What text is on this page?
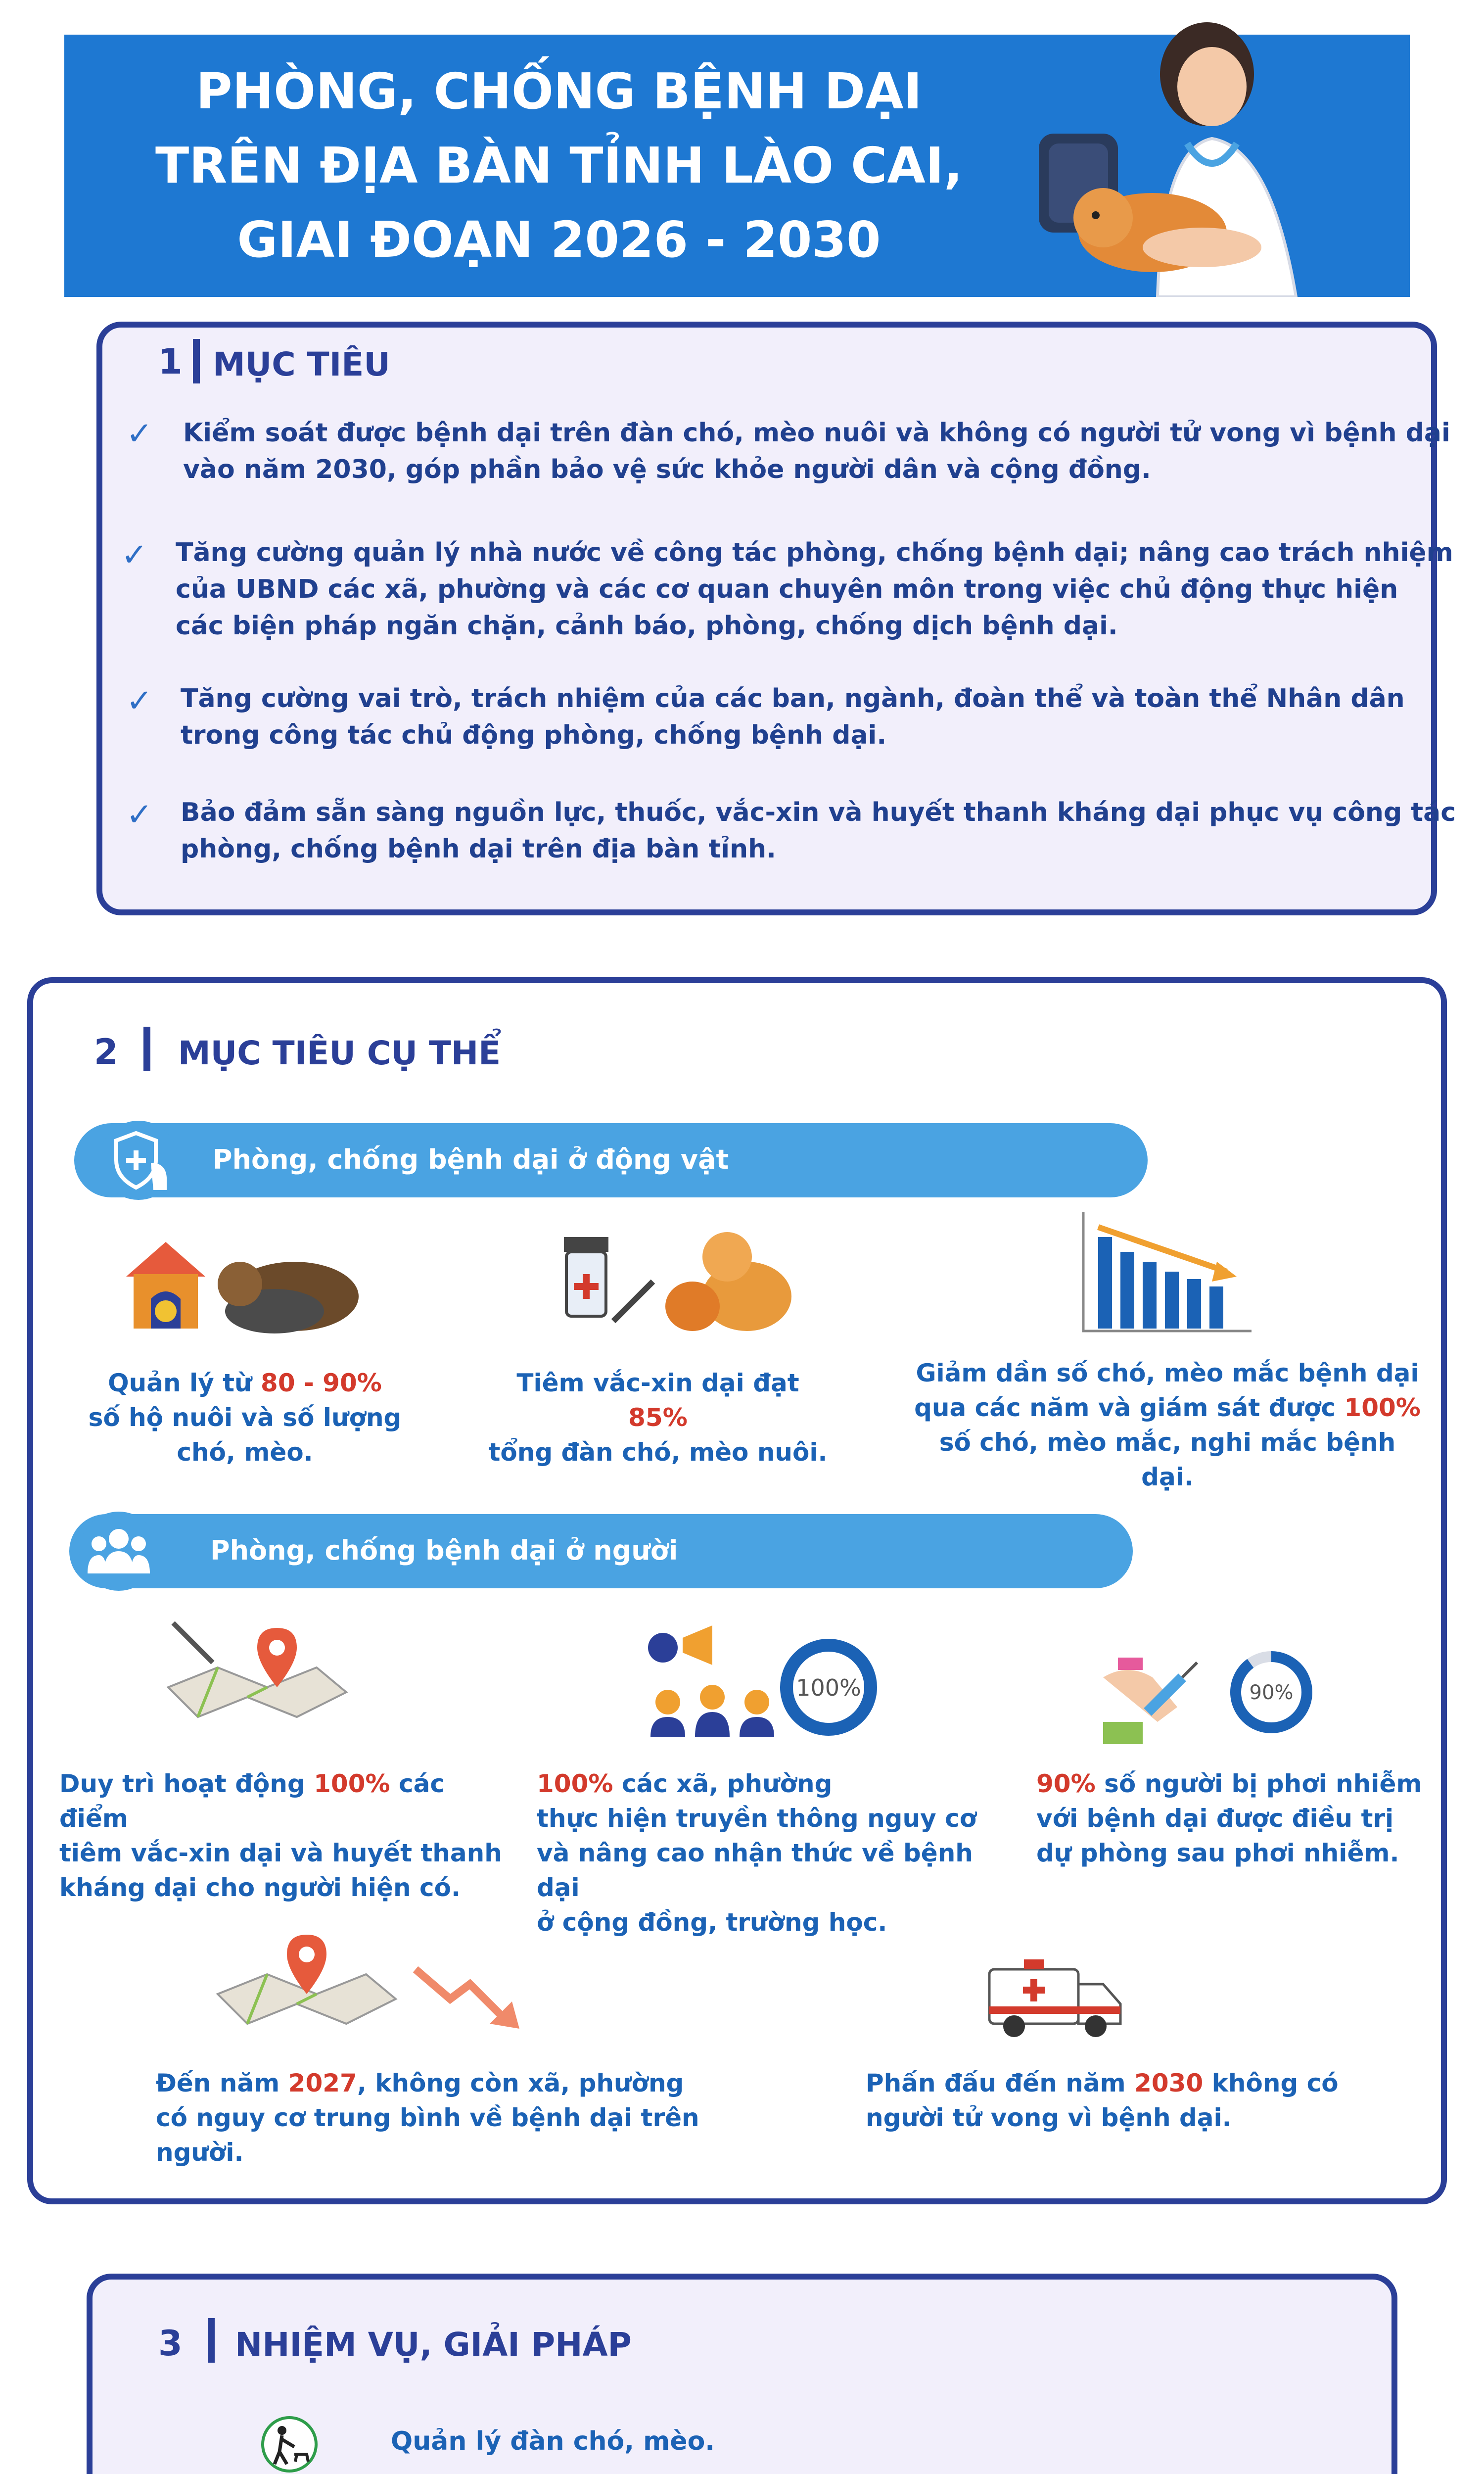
PHÒNG, CHỐNG BỆNH DẠI
TRÊN ĐỊA BÀN TỈNH LÀO CAI,
GIAI ĐOẠN 2026 - 2030
1 MỤC TIÊU
✓ Kiểm soát được bệnh dại trên đàn chó, mèo nuôi và không có người tử vong vì bệnh dại
vào năm 2030, góp phần bảo vệ sức khỏe người dân và cộng đồng.
✓ Tăng cường quản lý nhà nước về công tác phòng, chống bệnh dại; nâng cao trách nhiệm
của UBND các xã, phường và các cơ quan chuyên môn trong việc chủ động thực hiện
các biện pháp ngăn chặn, cảnh báo, phòng, chống dịch bệnh dại.
✓ Tăng cường vai trò, trách nhiệm của các ban, ngành, đoàn thể và toàn thể Nhân dân
trong công tác chủ động phòng, chống bệnh dại.
✓ Bảo đảm sẵn sàng nguồn lực, thuốc, vắc-xin và huyết thanh kháng dại phục vụ công tác
phòng, chống bệnh dại trên địa bàn tỉnh.
2 MỤC TIÊU CỤ THỂ
Phòng, chống bệnh dại ở động vật
Quản lý từ 80 - 90%
số hộ nuôi và số lượng
chó, mèo.
Tiêm vắc-xin dại đạt 85%
tổng đàn chó, mèo nuôi.
Giảm dần số chó, mèo mắc bệnh dại
qua các năm và giám sát được 100%
số chó, mèo mắc, nghi mắc bệnh dại.
Phòng, chống bệnh dại ở người
100%	90%
Duy trì hoạt động 100% các điểm
tiêm vắc-xin dại và huyết thanh
kháng dại cho người hiện có.
100% các xã, phường
thực hiện truyền thông nguy cơ
và nâng cao nhận thức về bệnh dại
ở cộng đồng, trường học.
90% số người bị phơi nhiễm
với bệnh dại được điều trị
dự phòng sau phơi nhiễm.
Đến năm 2027, không còn xã, phường
có nguy cơ trung bình về bệnh dại trên
người.
Phấn đấu đến năm 2030 không có
người tử vong vì bệnh dại.
3 NHIỆM VỤ, GIẢI PHÁP
Quản lý đàn chó, mèo.
